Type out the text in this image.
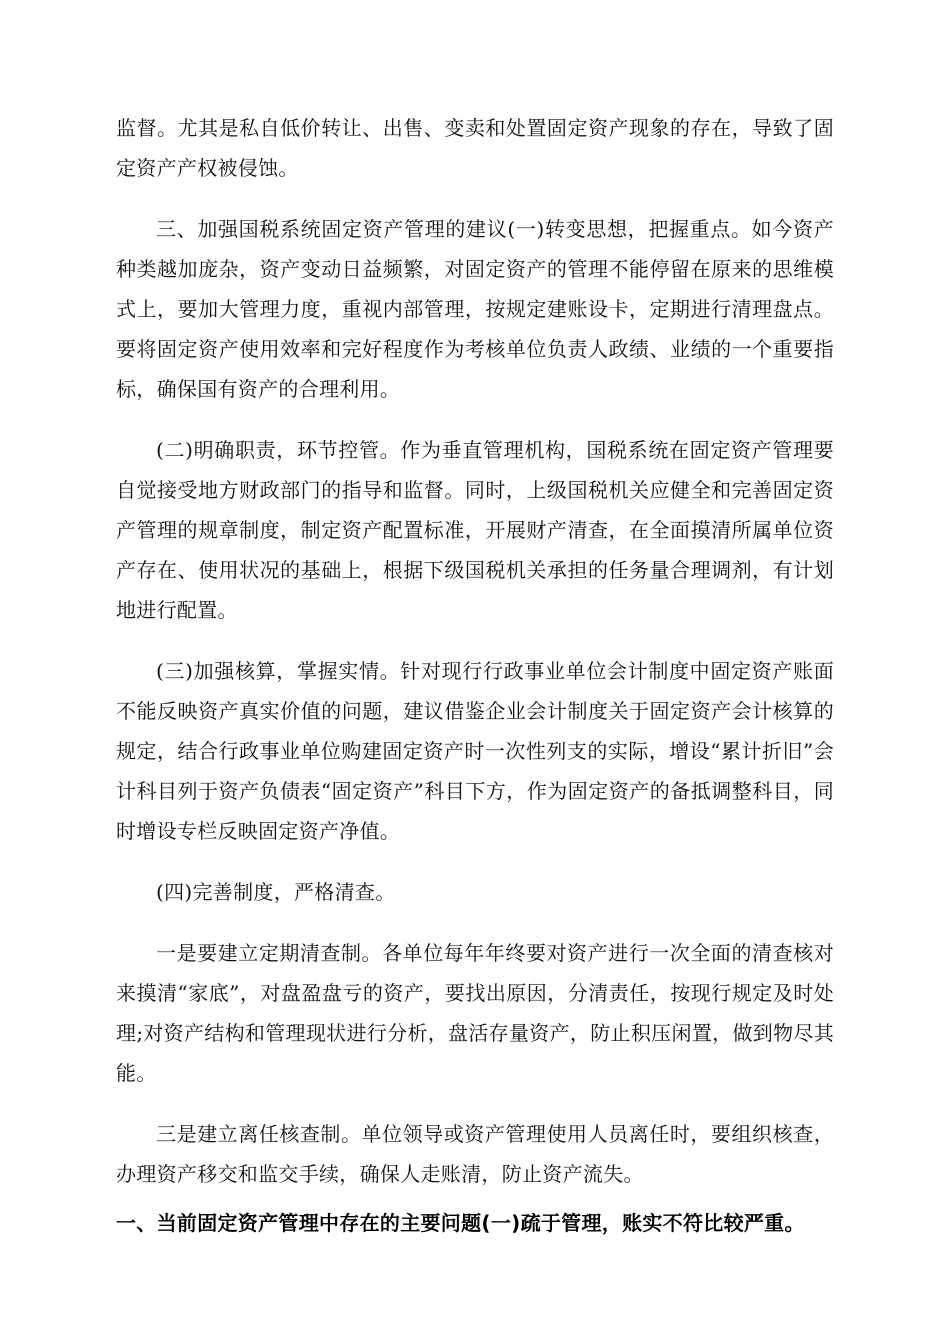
监督。尤其是私自低价转让、出售、变卖和处置固定资产现象的存在，导致了固定资产产权被侵蚀。

三、加强国税系统固定资产管理的建议(一)转变思想，把握重点。如今资产种类越加庞杂，资产变动日益频繁，对固定资产的管理不能停留在原来的思维模式上，要加大管理力度，重视内部管理，按规定建账设卡，定期进行清理盘点。要将固定资产使用效率和完好程度作为考核单位负责人政绩、业绩的一个重要指标，确保国有资产的合理利用。

(二)明确职责，环节控管。作为垂直管理机构，国税系统在固定资产管理要自觉接受地方财政部门的指导和监督。同时，上级国税机关应健全和完善固定资产管理的规章制度，制定资产配置标准，开展财产清查，在全面摸清所属单位资产存在、使用状况的基础上，根据下级国税机关承担的任务量合理调剂，有计划地进行配置。

(三)加强核算，掌握实情。针对现行行政事业单位会计制度中固定资产账面不能反映资产真实价值的问题，建议借鉴企业会计制度关于固定资产会计核算的规定，结合行政事业单位购建固定资产时一次性列支的实际，增设“累计折旧”会计科目列于资产负债表“固定资产”科目下方，作为固定资产的备抵调整科目，同时增设专栏反映固定资产净值。

(四)完善制度，严格清查。

一是要建立定期清查制。各单位每年年终要对资产进行一次全面的清查核对来摸清“家底”，对盘盈盘亏的资产，要找出原因，分清责任，按现行规定及时处理;对资产结构和管理现状进行分析，盘活存量资产，防止积压闲置，做到物尽其能。

三是建立离任核查制。单位领导或资产管理使用人员离任时，要组织核查，办理资产移交和监交手续，确保人走账清，防止资产流失。

一、当前固定资产管理中存在的主要问题(一)疏于管理，账实不符比较严重。
